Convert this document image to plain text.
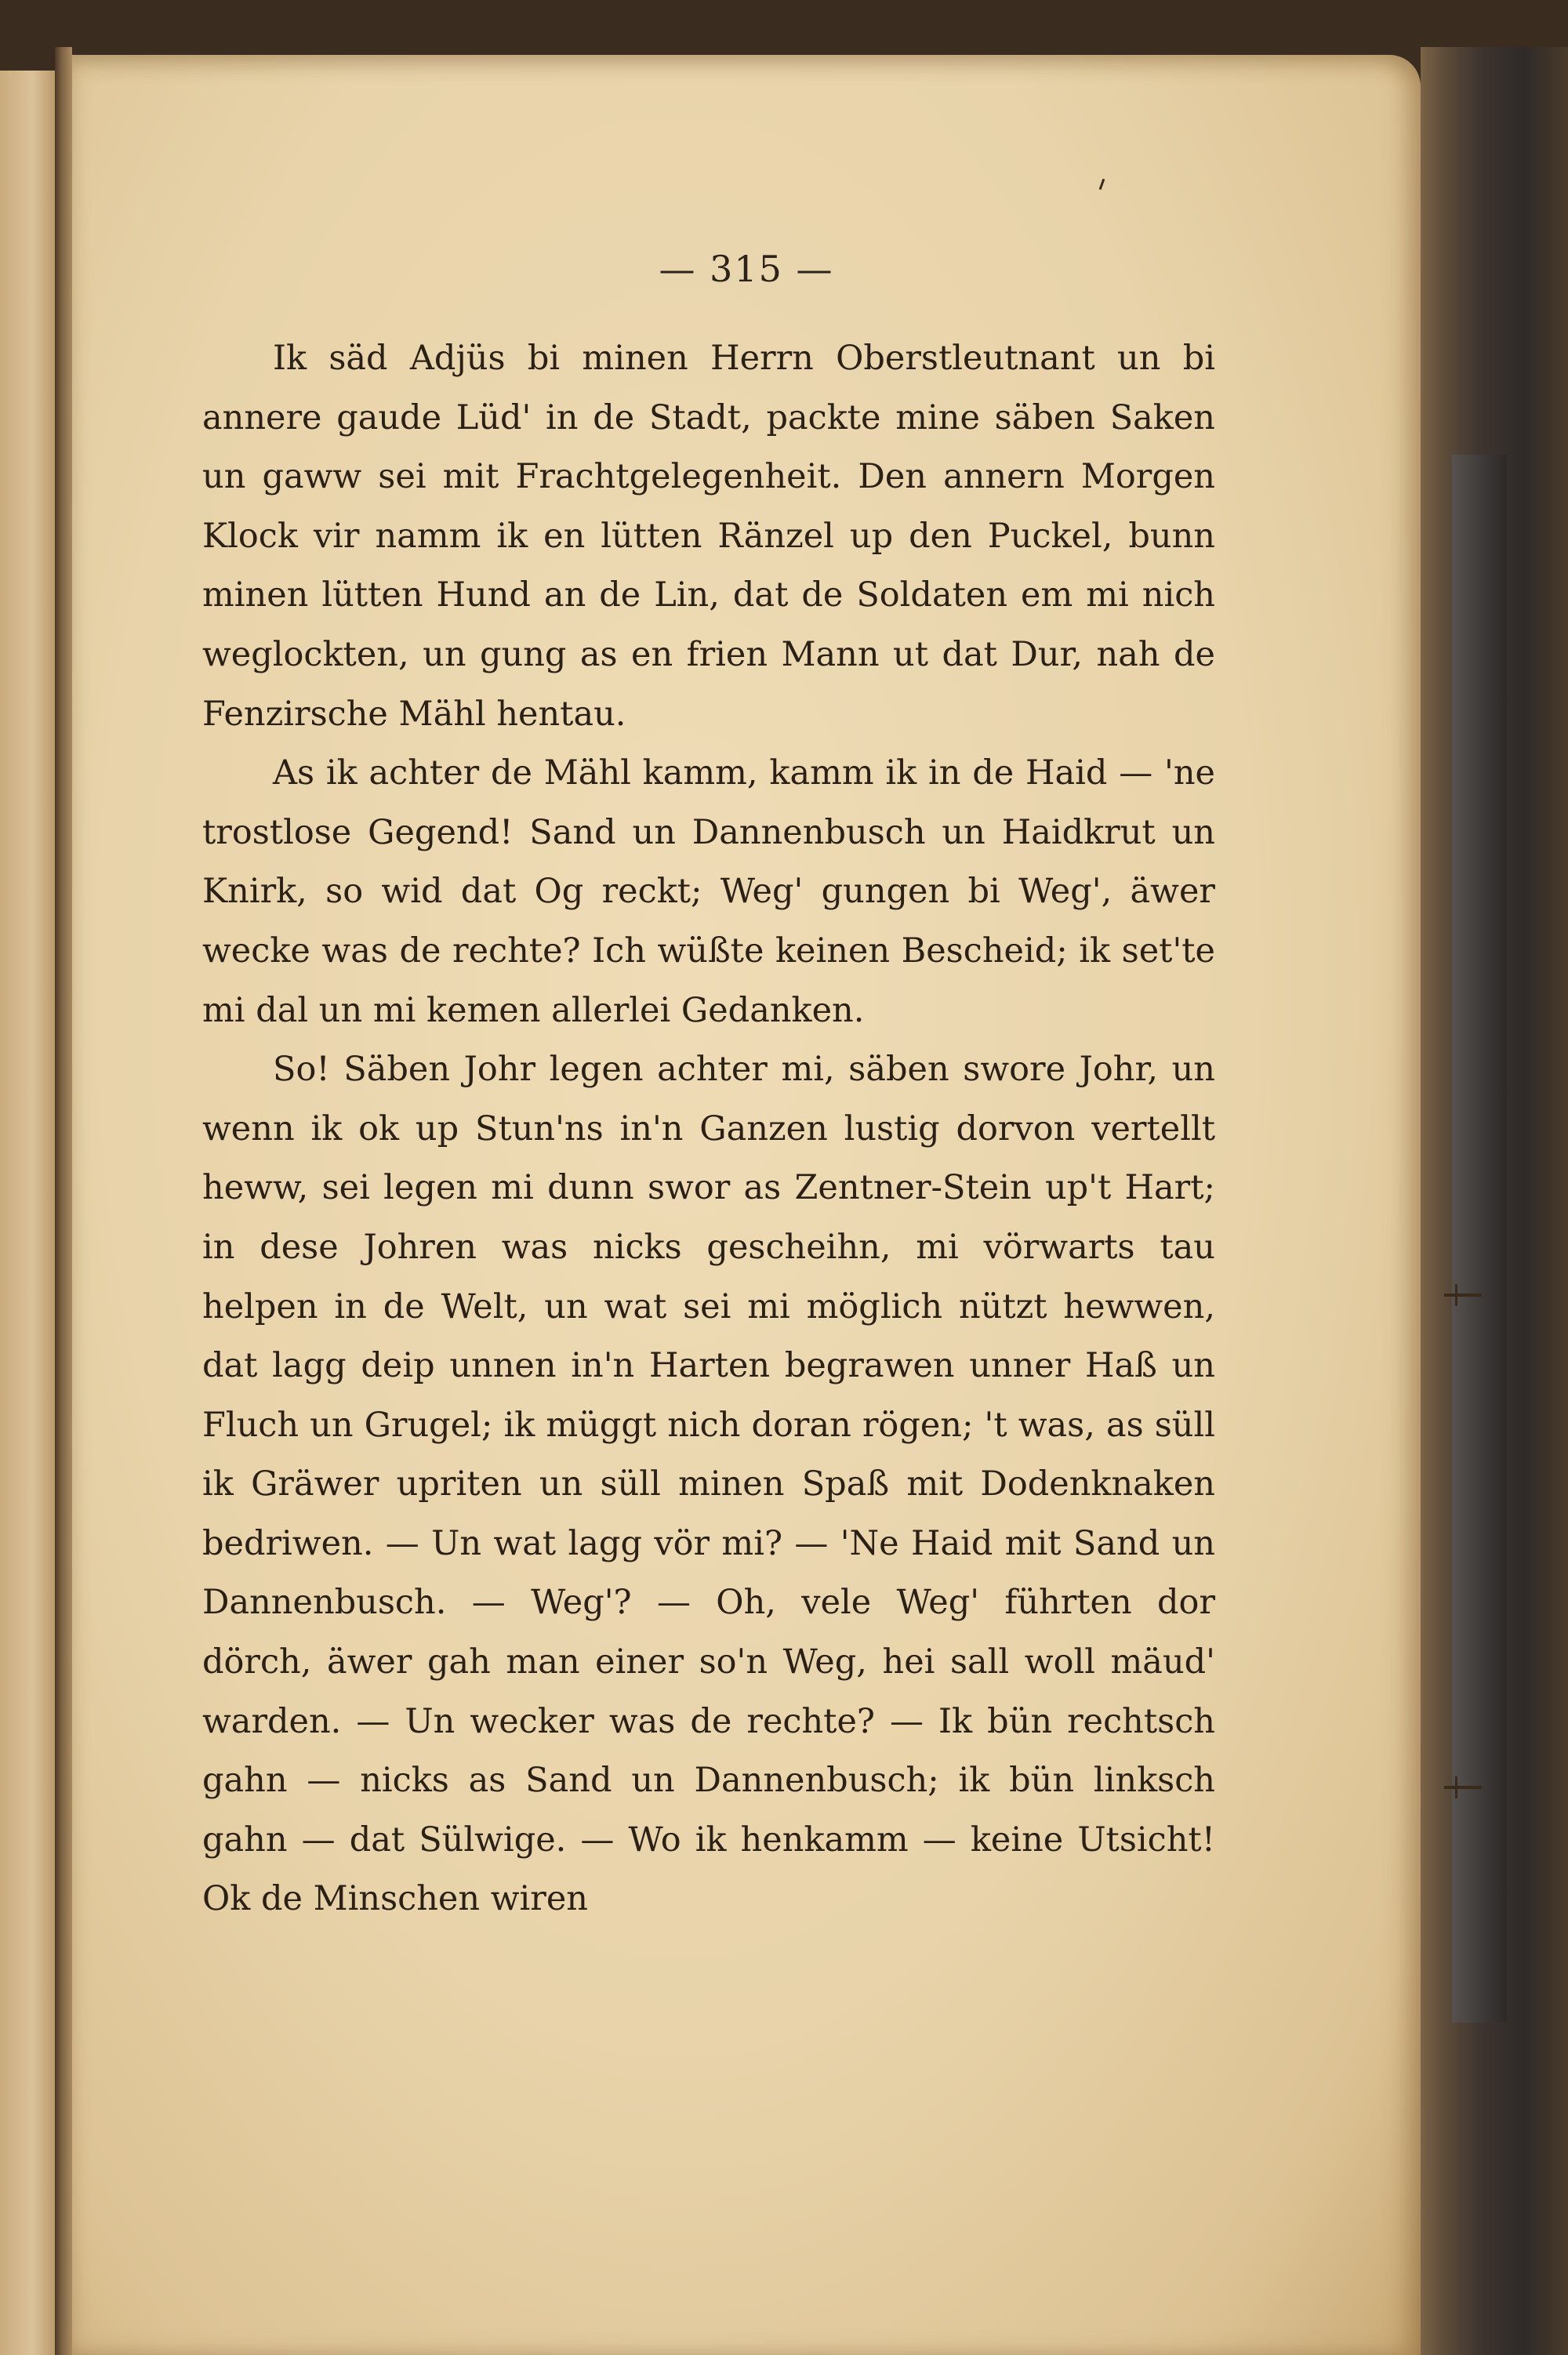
— 315 —

Ik säd Adjüs bi minen Herrn Oberstleutnant un bi annere gaude Lüd' in de Stadt, packte mine säben Saken un gaww sei mit Frachtgelegenheit. Den annern Morgen Klock vir namm ik en lütten Ränzel up den Puckel, bunn minen lütten Hund an de Lin, dat de Soldaten em mi nich weglockten, un gung as en frien Mann ut dat Dur, nah de Fenzirsche Mähl hentau.

As ik achter de Mähl kamm, kamm ik in de Haid — 'ne trostlose Gegend! Sand un Dannenbusch un Haidkrut un Knirk, so wid dat Og reckt; Weg' gungen bi Weg', äwer wecke was de rechte? Ich wüßte keinen Bescheid; ik set'te mi dal un mi kemen allerlei Gedanken.

So! Säben Johr legen achter mi, säben swore Johr, un wenn ik ok up Stun'ns in'n Ganzen lustig dorvon vertellt heww, sei legen mi dunn swor as Zentner-Stein up't Hart; in dese Johren was nicks gescheihn, mi vörwarts tau helpen in de Welt, un wat sei mi möglich nützt hewwen, dat lagg deip unnen in'n Harten begrawen unner Haß un Fluch un Grugel; ik müggt nich doran rögen; 't was, as süll ik Gräwer upriten un süll minen Spaß mit Dodenknaken bedriwen. — Un wat lagg vör mi? — 'Ne Haid mit Sand un Dannenbusch. — Weg'? — Oh, vele Weg' führten dor dörch, äwer gah man einer so'n Weg, hei sall woll mäud' warden. — Un wecker was de rechte? — Ik bün rechtsch gahn — nicks as Sand un Dannenbusch; ik bün linksch gahn — dat Sülwige. — Wo ik henkamm — keine Utsicht! Ok de Minschen wiren
